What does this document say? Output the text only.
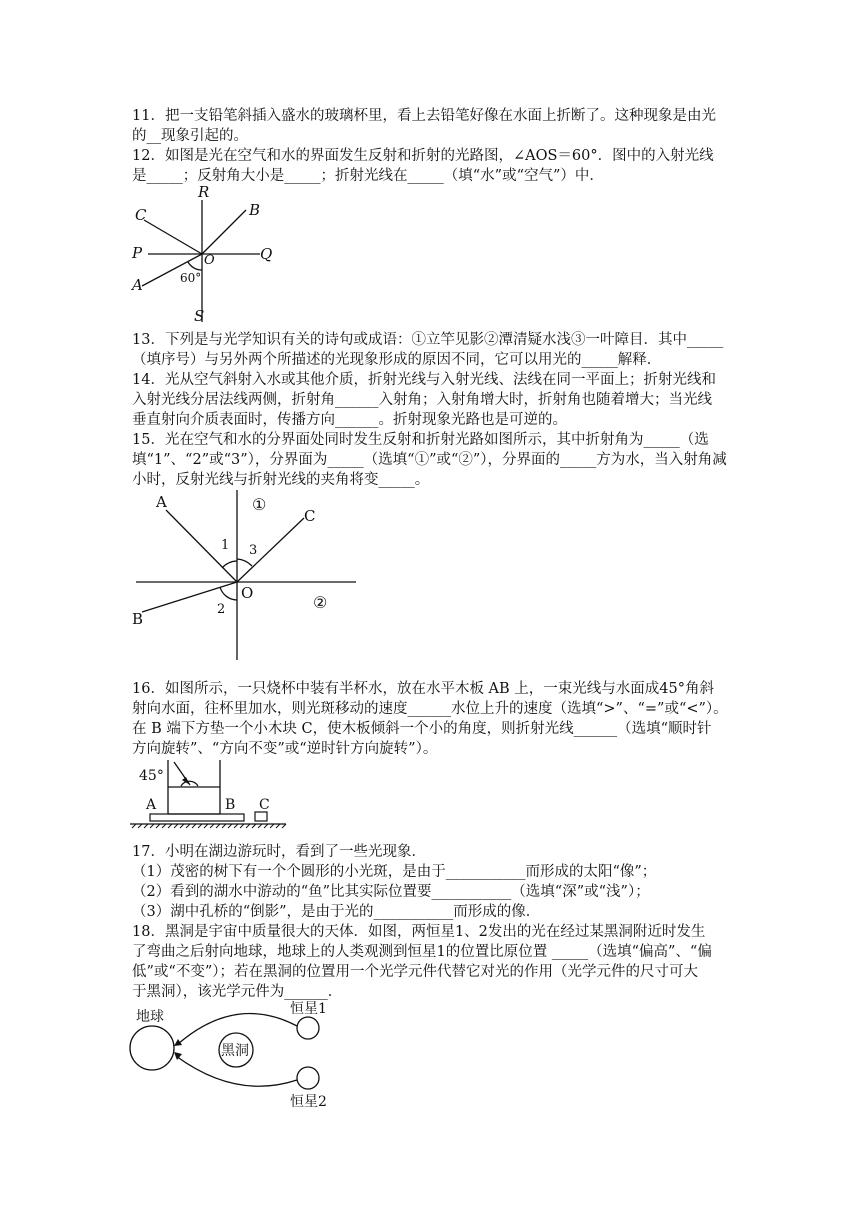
11．把一支铅笔斜插入盛水的玻璃杯里，看上去铅笔好像在水面上折断了。这种现象是由光

的__现象引起的。

12．如图是光在空气和水的界面发生反射和折射的光路图，∠AOS＝60°．图中的入射光线

是_____；反射角大小是_____；折射光线在_____（填“水”或“空气”）中．

R
B
C
P	O	Q
A	60°
S

13．下列是与光学知识有关的诗句或成语：①立竿见影②潭清疑水浅③一叶障目．其中_____

（填序号）与另外两个所描述的光现象形成的原因不同，它可以用光的_____解释．

14．光从空气斜射入水或其他介质，折射光线与入射光线、法线在同一平面上；折射光线和

入射光线分居法线两侧，折射角______入射角；入射角增大时，折射角也随着增大；当光线

垂直射向介质表面时，传播方向______。折射现象光路也是可逆的。

15．光在空气和水的分界面处同时发生反射和折射光路如图所示，其中折射角为_____（选

填“1”、“2”或“3”），分界面为_____（选填“①”或“②”），分界面的_____方为水，当入射角减

小时，反射光线与折射光线的夹角将变_____。

A
C
B
O
①
②
1 3
2

16．如图所示，一只烧杯中装有半杯水，放在水平木板 AB 上，一束光线与水面成45°角斜

射向水面，往杯里加水，则光斑移动的速度______水位上升的速度（选填“>”、“=”或“<”）。

在 B 端下方垫一个小木块 C，使木板倾斜一个小的角度，则折射光线______（选填“顺时针

方向旋转”、“方向不变”或“逆时针方向旋转”）。

45°
A	B C

17．小明在湖边游玩时，看到了一些光现象．

（1）茂密的树下有一个个圆形的小光斑，是由于___________而形成的太阳“像”；

（2）看到的湖水中游动的“鱼”比其实际位置要___________（选填“深”或“浅”）；

（3）湖中孔桥的“倒影”，是由于光的___________而形成的像．

18．黑洞是宇宙中质量很大的天体．如图，两恒星1、2发出的光在经过某黑洞附近时发生

了弯曲之后射向地球，地球上的人类观测到恒星1的位置比原位置 _____（选填“偏高”、“偏

低”或“不变”）；若在黑洞的位置用一个光学元件代替它对光的作用（光学元件的尺寸可大

于黑洞），该光学元件为______．

地球
黑洞
恒星1
恒星2
